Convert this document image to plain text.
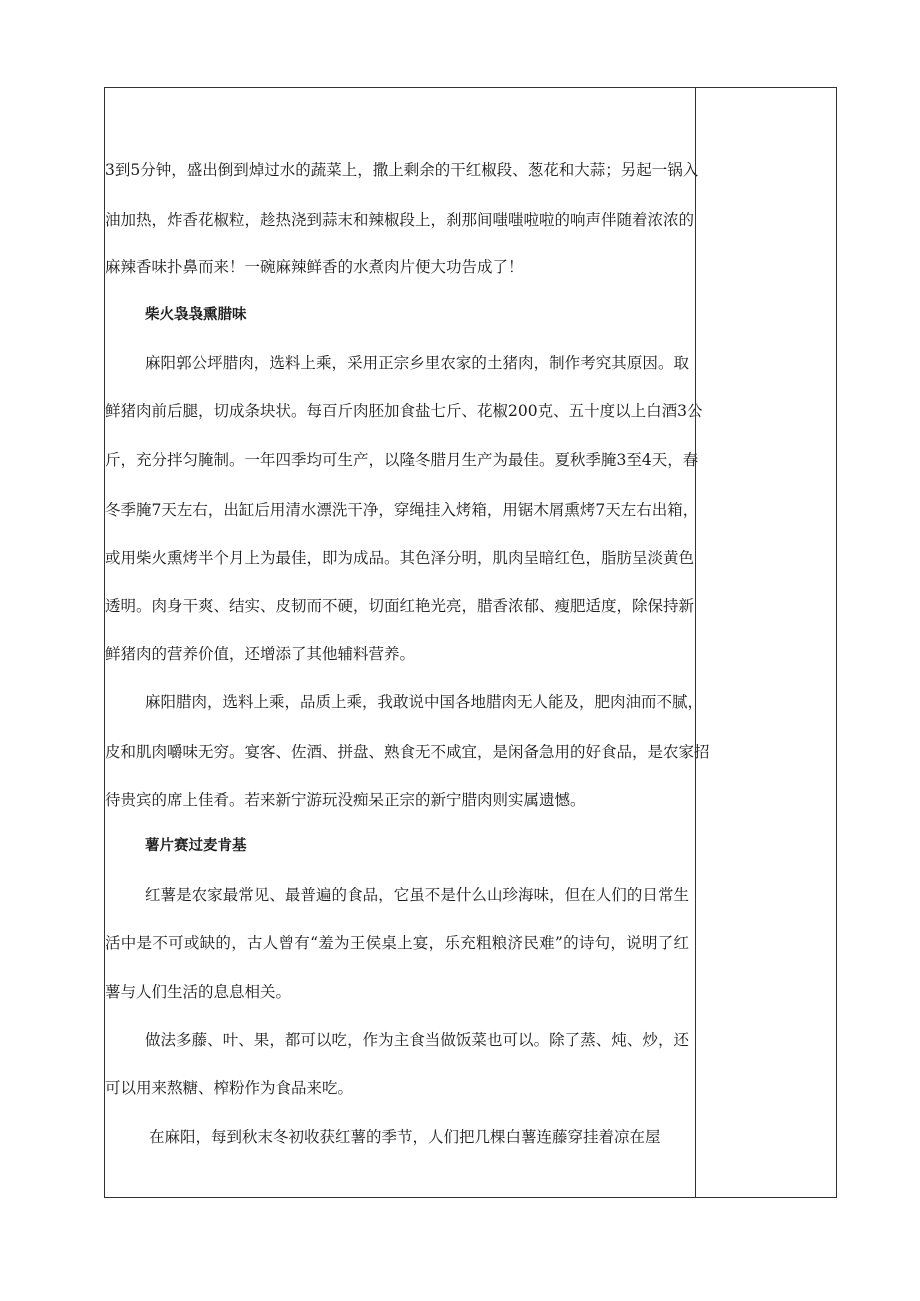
3到5分钟，盛出倒到焯过水的蔬菜上，撒上剩余的干红椒段、葱花和大蒜；另起一锅入
油加热，炸香花椒粒，趁热浇到蒜末和辣椒段上，刹那间嗤嗤啦啦的响声伴随着浓浓的
麻辣香味扑鼻而来！一碗麻辣鲜香的水煮肉片便大功告成了！
柴火袅袅熏腊味
麻阳郭公坪腊肉，选料上乘，采用正宗乡里农家的土猪肉，制作考究其原因。取
鲜猪肉前后腿，切成条块状。每百斤肉胚加食盐七斤、花椒200克、五十度以上白酒3公
斤，充分拌匀腌制。一年四季均可生产，以隆冬腊月生产为最佳。夏秋季腌3至4天，春
冬季腌7天左右，出缸后用清水漂洗干净，穿绳挂入烤箱，用锯木屑熏烤7天左右出箱，
或用柴火熏烤半个月上为最佳，即为成品。其色泽分明，肌肉呈暗红色，脂肪呈淡黄色
透明。肉身干爽、结实、皮韧而不硬，切面红艳光亮，腊香浓郁、瘦肥适度，除保持新
鲜猪肉的营养价值，还增添了其他辅料营养。
麻阳腊肉，选料上乘，品质上乘，我敢说中国各地腊肉无人能及，肥肉油而不腻，
皮和肌肉嚼味无穷。宴客、佐酒、拼盘、熟食无不咸宜，是闲备急用的好食品，是农家招
待贵宾的席上佳肴。若来新宁游玩没痴呆正宗的新宁腊肉则实属遗憾。
薯片赛过麦肯基
红薯是农家最常见、最普遍的食品，它虽不是什么山珍海味，但在人们的日常生
活中是不可或缺的，古人曾有“羞为王侯桌上宴，乐充粗粮济民难”的诗句，说明了红
薯与人们生活的息息相关。
做法多藤、叶、果，都可以吃，作为主食当做饭菜也可以。除了蒸、炖、炒，还
可以用来熬糖、榨粉作为食品来吃。
在麻阳，每到秋末冬初收获红薯的季节，人们把几棵白薯连藤穿挂着凉在屋
